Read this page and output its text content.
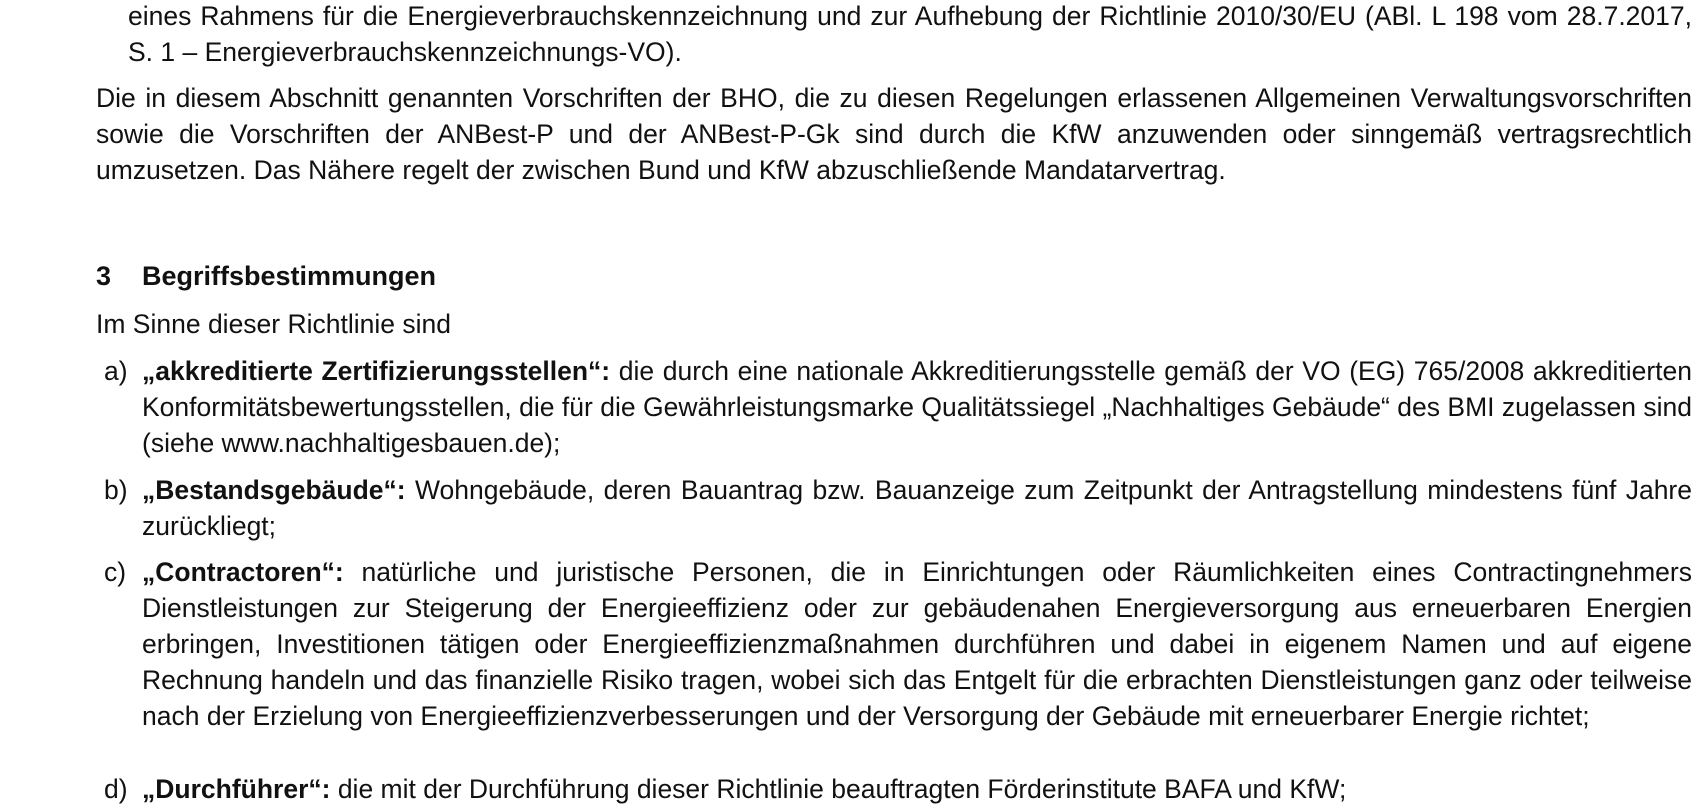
eines Rahmens für die Energieverbrauchskennzeichnung und zur Aufhebung der Richtlinie 2010/30/EU (ABl. L 198 vom 28.7.2017, S. 1 – Energieverbrauchskennzeichnungs-VO).
Die in diesem Abschnitt genannten Vorschriften der BHO, die zu diesen Regelungen erlassenen Allgemeinen Verwaltungsvorschriften sowie die Vorschriften der ANBest-P und der ANBest-P-Gk sind durch die KfW anzuwenden oder sinngemäß vertragsrechtlich umzusetzen. Das Nähere regelt der zwischen Bund und KfW abzuschließende Mandatarvertrag.
3 Begriffsbestimmungen
Im Sinne dieser Richtlinie sind
a) „akkreditierte Zertifizierungsstellen“: die durch eine nationale Akkreditierungsstelle gemäß der VO (EG) 765/2008 akkreditierten Konformitätsbewertungsstellen, die für die Gewährleistungsmarke Qualitätssiegel „Nachhaltiges Gebäude“ des BMI zugelassen sind (siehe www.nachhaltigesbauen.de);
b) „Bestandsgebäude“: Wohngebäude, deren Bauantrag bzw. Bauanzeige zum Zeitpunkt der Antragstellung mindestens fünf Jahre zurückliegt;
c) „Contractoren“: natürliche und juristische Personen, die in Einrichtungen oder Räumlichkeiten eines Contractingnehmers Dienstleistungen zur Steigerung der Energieeffizienz oder zur gebäudenahen Energieversorgung aus erneuerbaren Energien erbringen, Investitionen tätigen oder Energieeffizienzmaßnahmen durchführen und dabei in eigenem Namen und auf eigene Rechnung handeln und das finanzielle Risiko tragen, wobei sich das Entgelt für die erbrachten Dienstleistungen ganz oder teilweise nach der Erzielung von Energieeffizienzverbesserungen und der Versorgung der Gebäude mit erneuerbarer Energie richtet;
d) „Durchführer“: die mit der Durchführung dieser Richtlinie beauftragten Förderinstitute BAFA und KfW;
